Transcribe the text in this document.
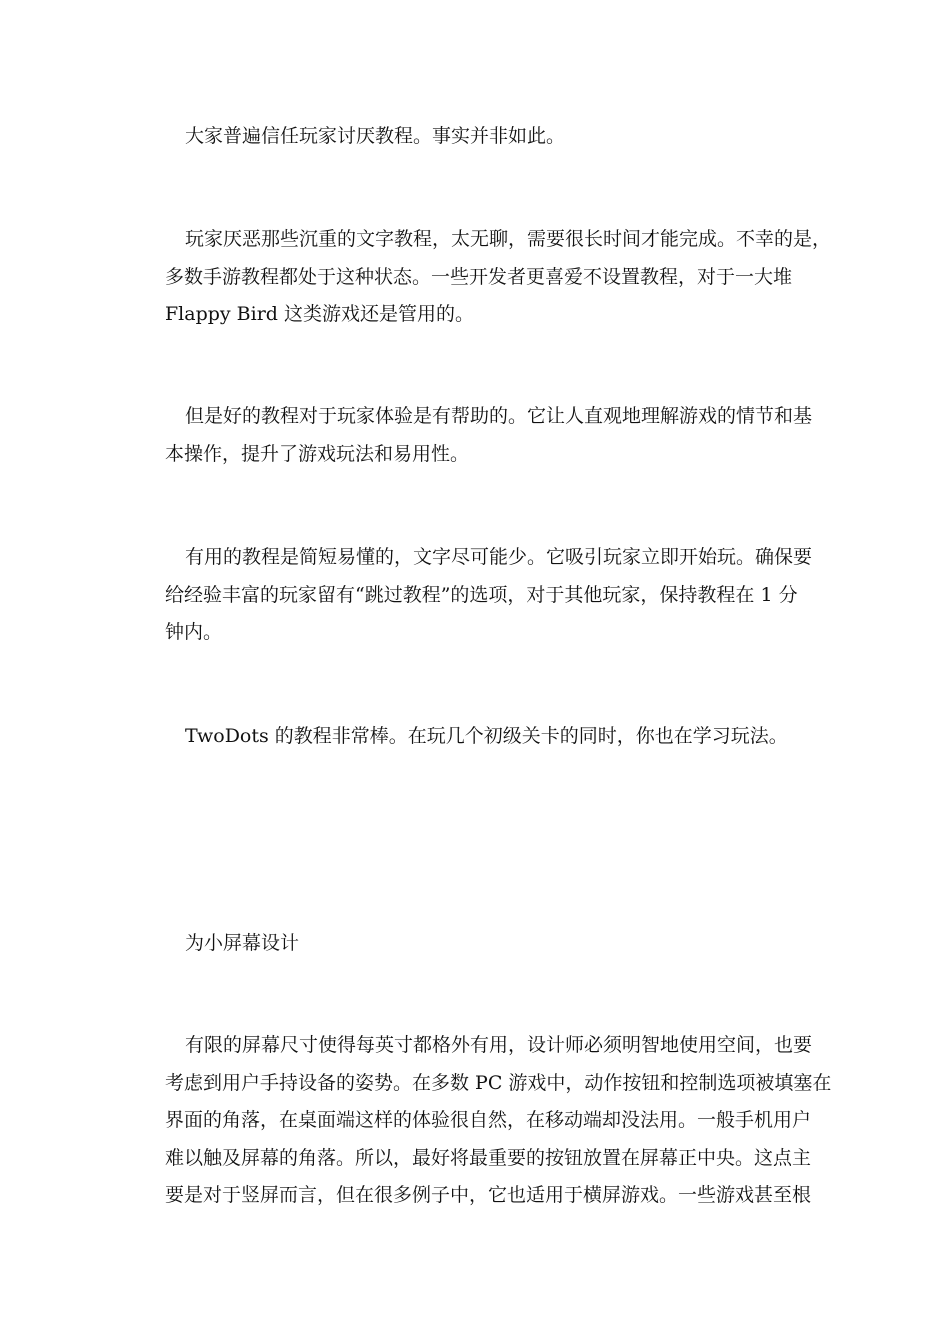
大家普遍信任玩家讨厌教程。事实并非如此。

玩家厌恶那些沉重的文字教程，太无聊，需要很长时间才能完成。不幸的是，
多数手游教程都处于这种状态。一些开发者更喜爱不设置教程，对于一大堆
Flappy Bird 这类游戏还是管用的。

但是好的教程对于玩家体验是有帮助的。它让人直观地理解游戏的情节和基
本操作，提升了游戏玩法和易用性。

有用的教程是简短易懂的，文字尽可能少。它吸引玩家立即开始玩。确保要
给经验丰富的玩家留有“跳过教程”的选项，对于其他玩家，保持教程在 1 分
钟内。

TwoDots 的教程非常棒。在玩几个初级关卡的同时，你也在学习玩法。

为小屏幕设计

有限的屏幕尺寸使得每英寸都格外有用，设计师必须明智地使用空间，也要
考虑到用户手持设备的姿势。在多数 PC 游戏中，动作按钮和控制选项被填塞在
界面的角落，在桌面端这样的体验很自然，在移动端却没法用。一般手机用户
难以触及屏幕的角落。所以，最好将最重要的按钮放置在屏幕正中央。这点主
要是对于竖屏而言，但在很多例子中，它也适用于横屏游戏。一些游戏甚至根
